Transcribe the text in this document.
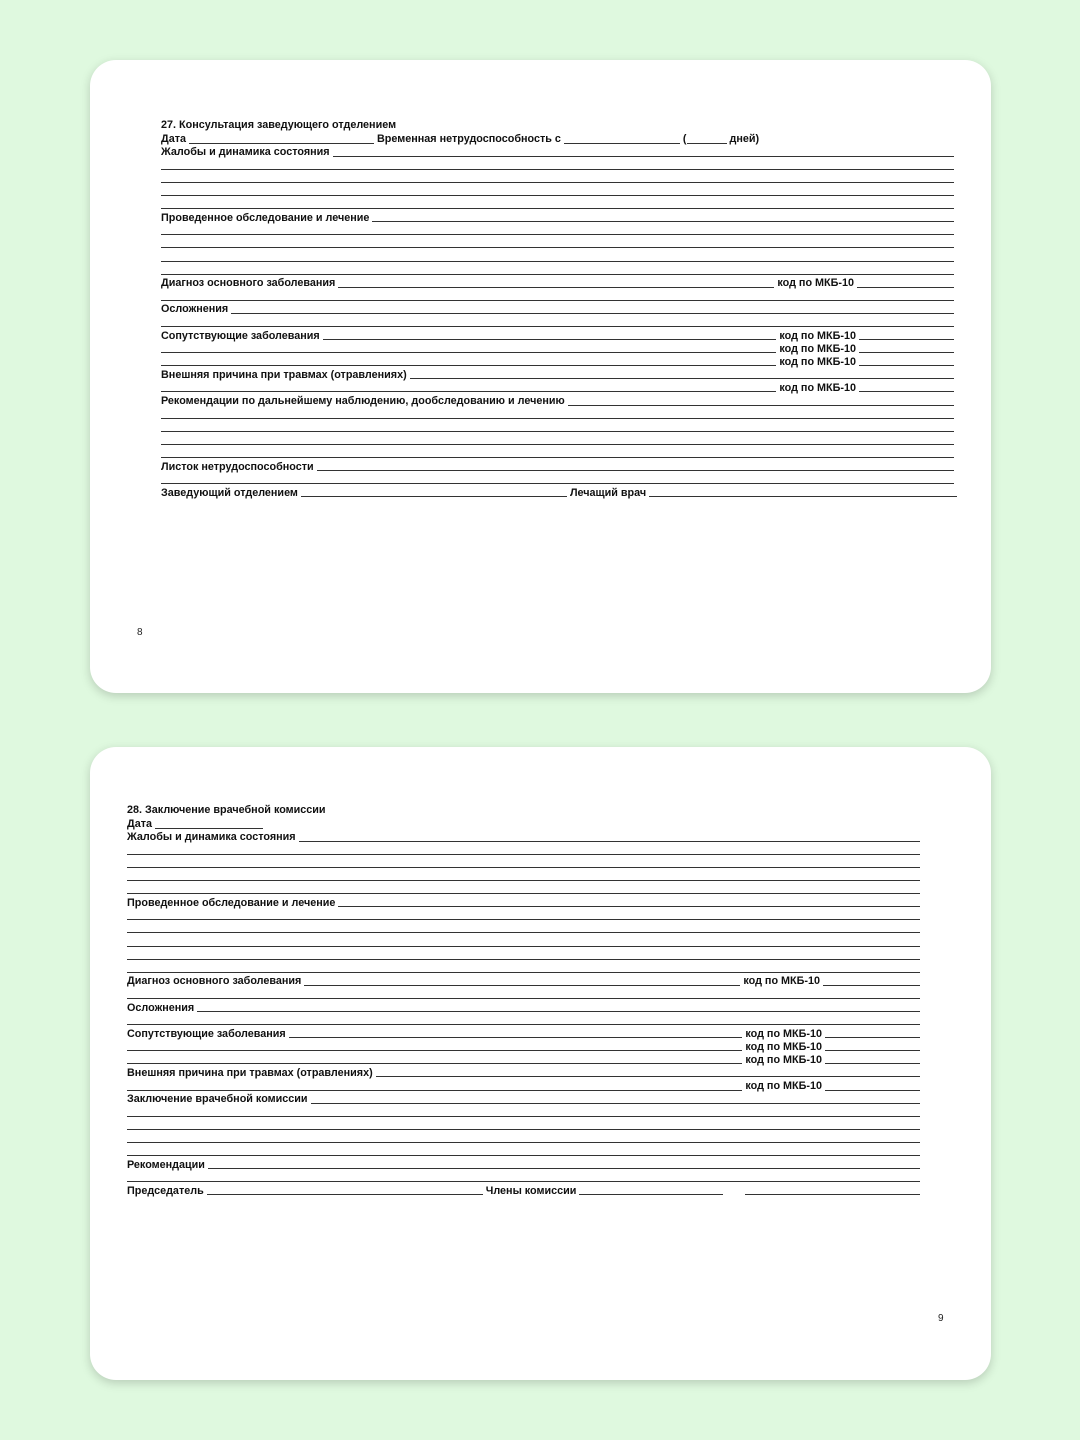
27. Консультация заведующего отделением
Дата	Временная нетрудоспособность с	(	дней)
Жалобы и динамика состояния
Проведенное обследование и лечение
Диагноз основного заболевания	код по МКБ-10
Осложнения
Сопутствующие заболевания	код по МКБ-10
код по МКБ-10
код по МКБ-10
Внешняя причина при травмах (отравлениях)
код по МКБ-10
Рекомендации по дальнейшему наблюдению, дообследованию и лечению
Листок нетрудоспособности
Заведующий отделением	Лечащий врач
8
28. Заключение врачебной комиссии
Дата
Жалобы и динамика состояния
Проведенное обследование и лечение
Диагноз основного заболевания	код по МКБ-10
Осложнения
Сопутствующие заболевания	код по МКБ-10
код по МКБ-10
код по МКБ-10
Внешняя причина при травмах (отравлениях)
код по МКБ-10
Заключение врачебной комиссии
Рекомендации
Председатель	Члены комиссии
9
